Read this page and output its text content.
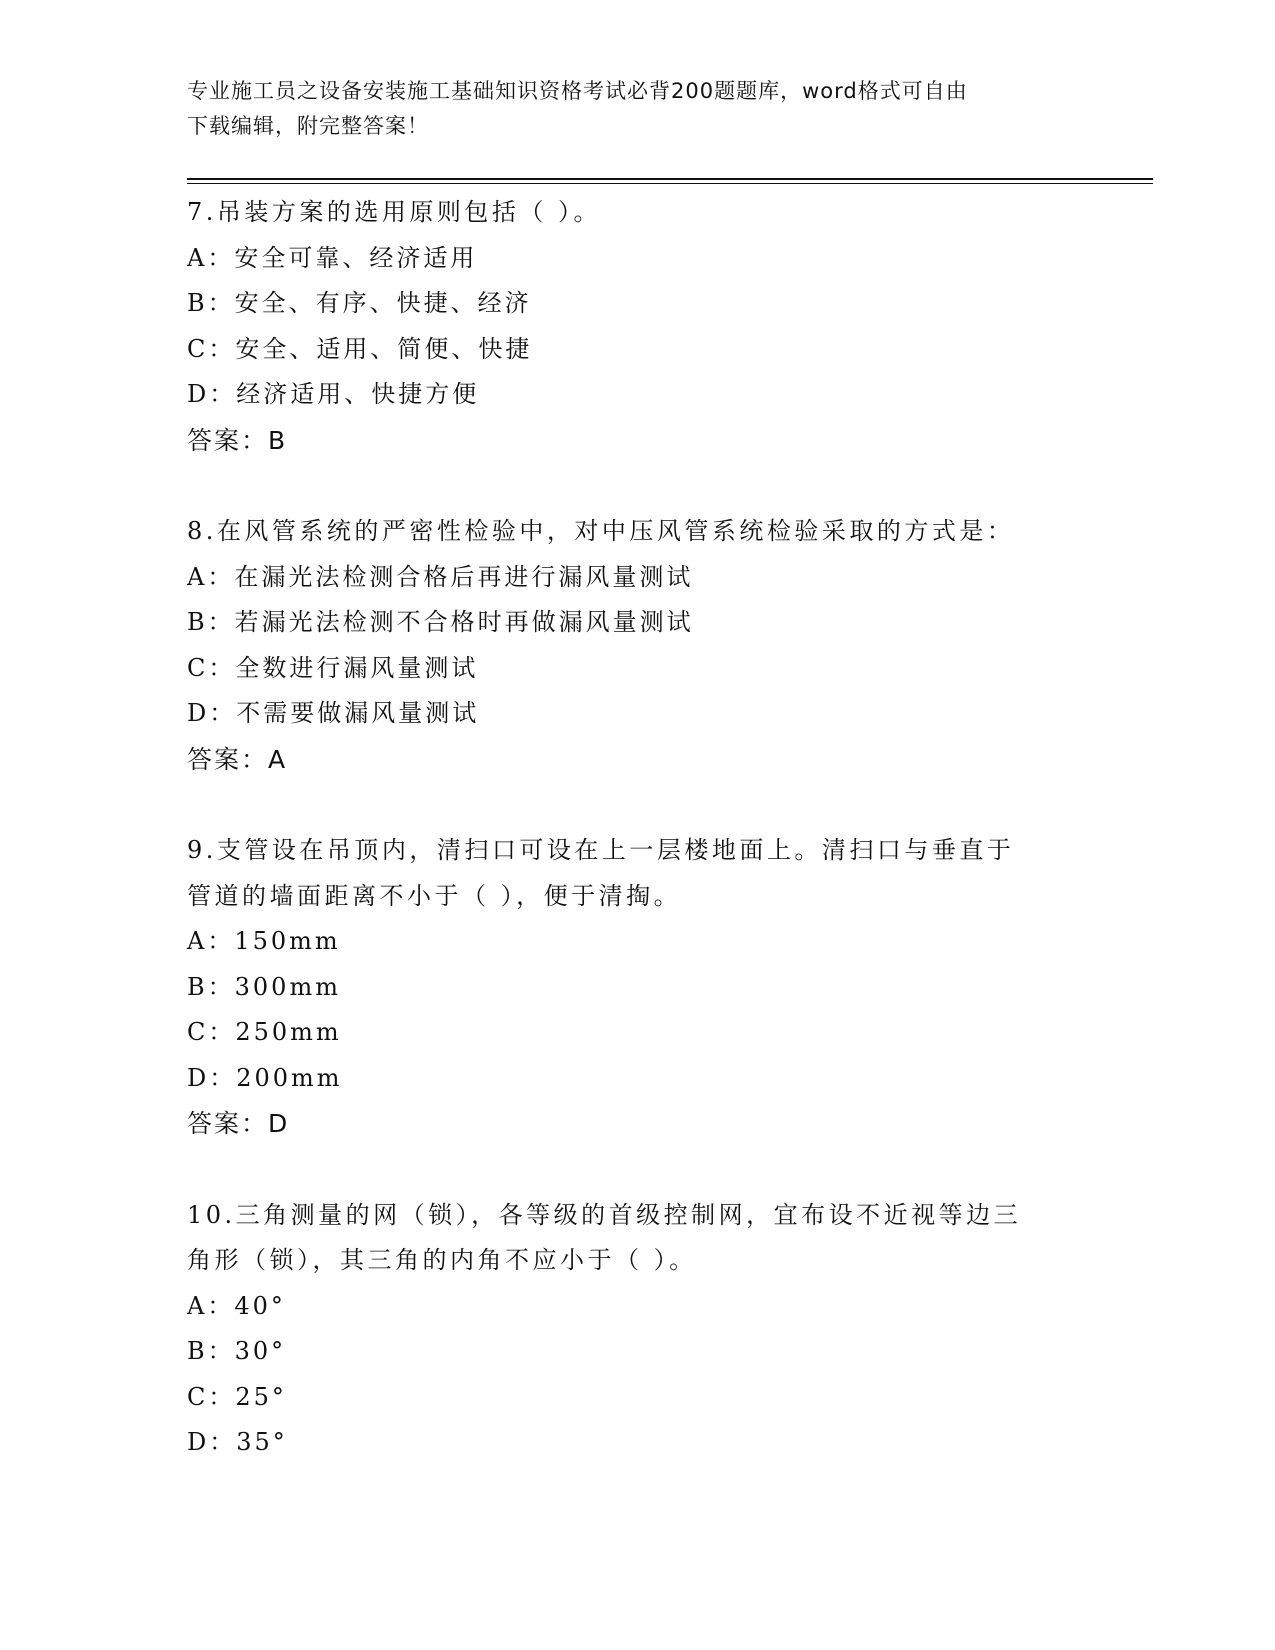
专业施工员之设备安装施工基础知识资格考试必背200题题库，word格式可自由
下载编辑，附完整答案！

7.吊装方案的选用原则包括（ ）。

A：安全可靠、经济适用

B：安全、有序、快捷、经济

C：安全、适用、简便、快捷

D：经济适用、快捷方便

答案：B

8.在风管系统的严密性检验中，对中压风管系统检验采取的方式是：

A：在漏光法检测合格后再进行漏风量测试

B：若漏光法检测不合格时再做漏风量测试

C：全数进行漏风量测试

D：不需要做漏风量测试

答案：A

9.支管设在吊顶内，清扫口可设在上一层楼地面上。清扫口与垂直于

管道的墙面距离不小于（ ），便于清掏。

A：150mm

B：300mm

C：250mm

D：200mm

答案：D

10.三角测量的网（锁），各等级的首级控制网，宜布设不近视等边三

角形（锁），其三角的内角不应小于（ ）。

A：40°

B：30°

C：25°

D：35°
